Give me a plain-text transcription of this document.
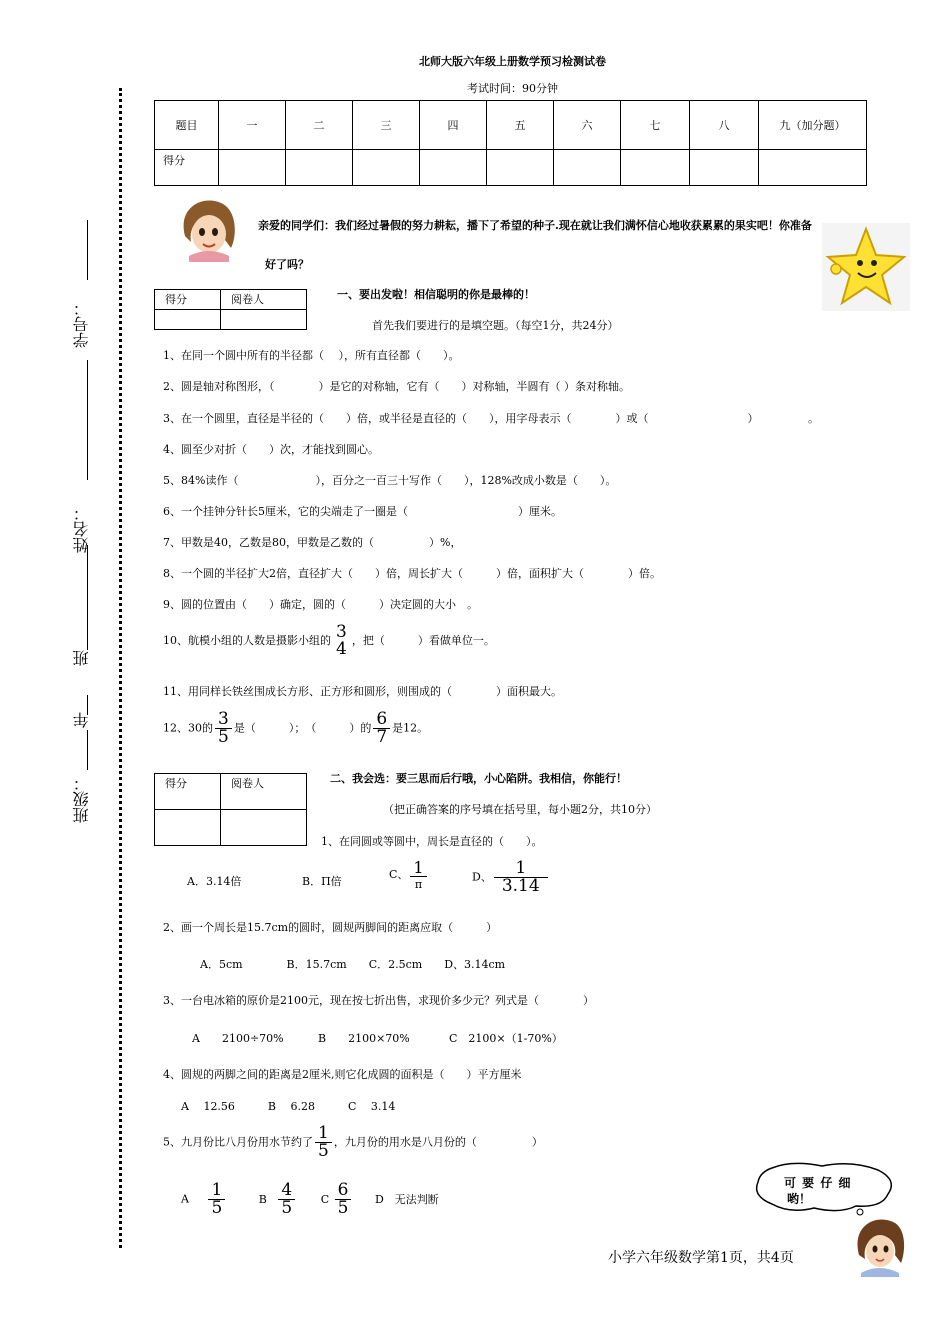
学号：
姓名：
班
年
班级：
北师大版六年级上册数学预习检测试卷
考试时间：90分钟
题目	一	二	三	四	五	六	七	八	九（加分题）
得分									
亲爱的同学们：我们经过暑假的努力耕耘，播下了希望的种子.现在就让我们满怀信心地收获累累的果实吧！你准备
好了吗？
得分	阅卷人
		一、要出发啦！相信聪明的你是最棒的！
首先我们要进行的是填空题。（每空1分，共24分）
1、在同一个圆中所有的半径都（　 ），所有直径都（　　）。
2、圆是轴对称图形，（　　　　）是它的对称轴，它有（　　）对称轴，半圆有（ ）条对称轴。
3、在一个圆里，直径是半径的（　　）倍，或半径是直径的（　　），用字母表示（　　　　）或（　　　　　　　　　）　　　　　。
4、圆至少对折（　　）次，才能找到圆心。
5、84%读作（　　　　　　　），百分之一百三十写作（　　），128%改成小数是（　　）。
6、一个挂钟分针长5厘米，它的尖端走了一圈是（　　　　　　　　　　）厘米。
7、甲数是40，乙数是80，甲数是乙数的（　　　　　）%，
8、一个圆的半径扩大2倍，直径扩大（　　）倍，周长扩大（　　　）倍，面积扩大（　　　　）倍。
9、圆的位置由（　　）确定，圆的（　　　）决定圆的大小　。
10、航模小组的人数是摄影小组的 3
4 ，把（　　　）看做单位一。
11、用同样长铁丝围成长方形、正方形和圆形，则围成的（　　　　）面积最大。
12、30的 $\frac{3}{5}$ 是（　　　）；　（　　　）的 $\frac{6}{7}$ 是12。
得分	阅卷人
		二、我会选：要三思而后行哦，小心陷阱。我相信，你能行！
（把正确答案的序号填在括号里，每小题2分，共10分）
1、在同圆或等圆中，周长是直径的（　　）。
A．3.14倍	B．Π倍
C、 $\frac{1}{\pi}$	D、 $\frac{1}{3.14}$
2、画一个周长是15.7cm的圆时，圆规两脚间的距离应取（　　　）
A．5cm　　　　B．15.7cm　　C．2.5cm　　D、3.14cm
3、一台电冰箱的原价是2100元，现在按七折出售，求现价多少元？列式是（　　　　）
A　　2100÷70%	B　　2100×70%	C　2100×（1-70%）
4、圆规的两脚之间的距离是2厘米,则它化成圆的面积是（　　）平方厘米
A　 12.56　　　B　 6.28　　　C　 3.14
5、九月份比八月份用水节约了 $\frac{1}{5}$ ，九月份的用水是八月份的（　　　　　）
A $\frac{1}{5}$	B $\frac{4}{5}$ C $\frac{6}{5}$ D　无法判断
可 要 仔 细
哟！
小学六年级数学第1页，共4页
